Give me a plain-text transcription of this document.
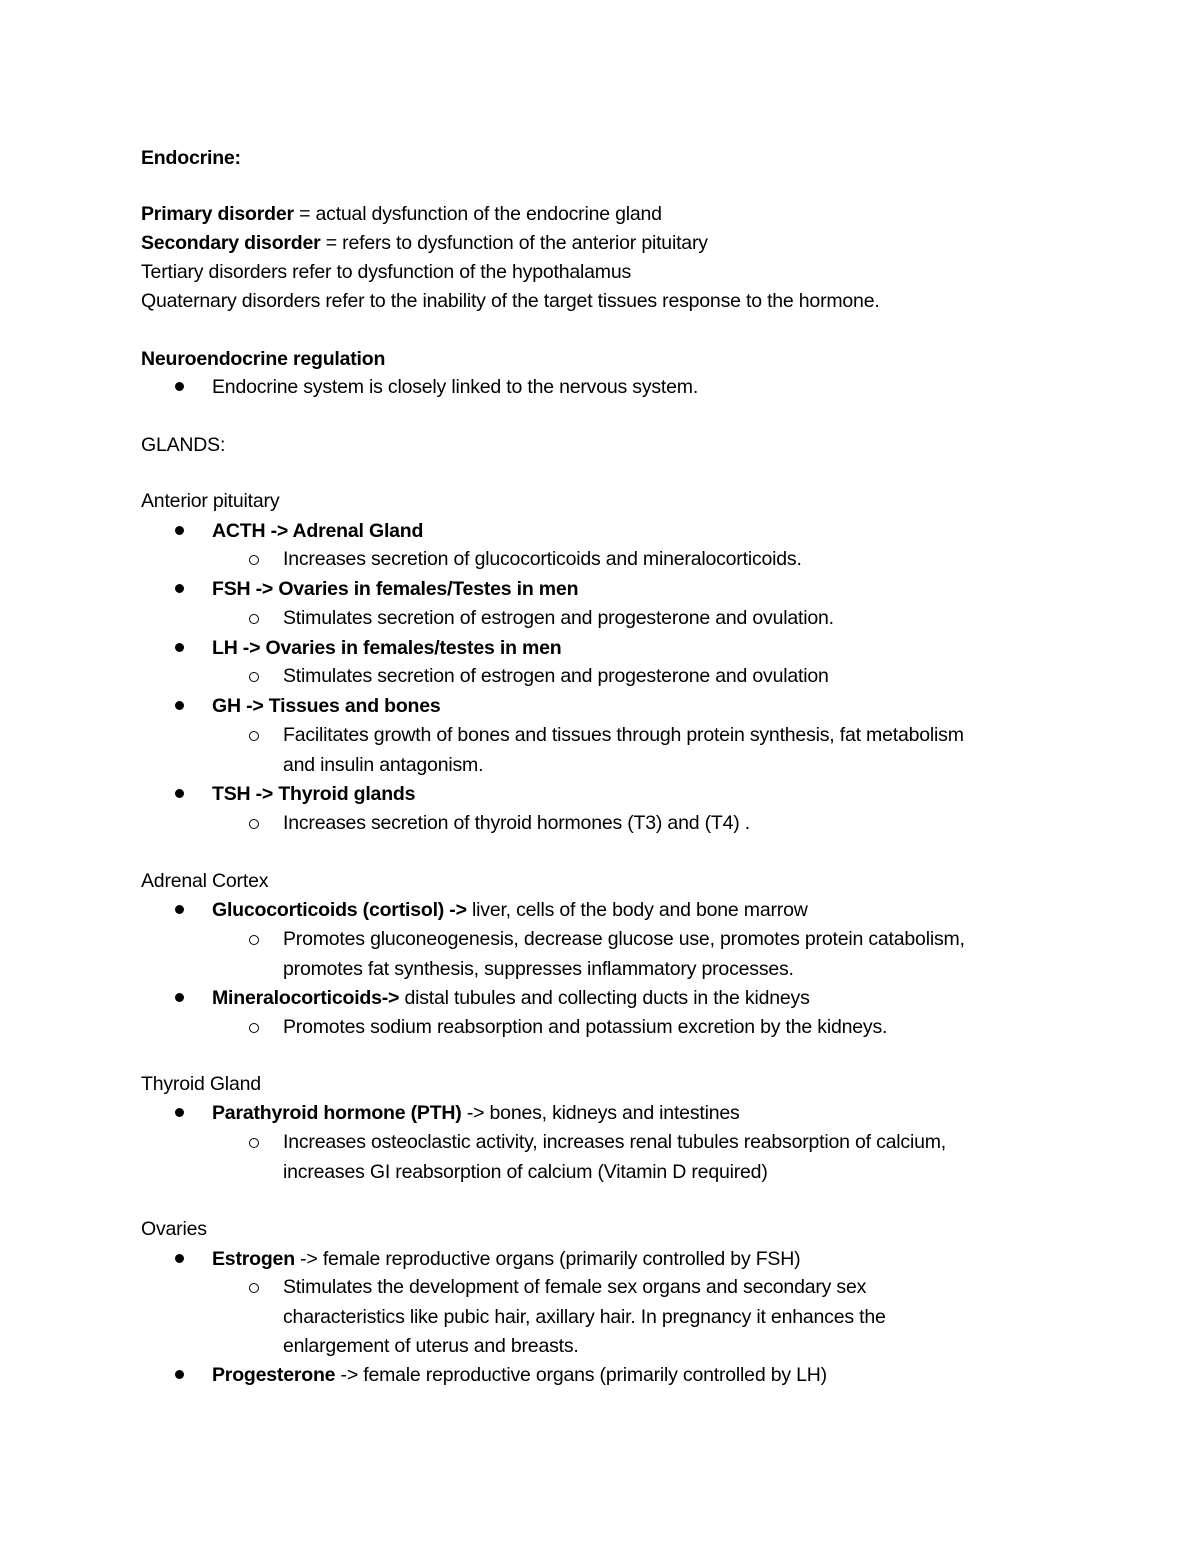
Endocrine:
Primary disorder = actual dysfunction of the endocrine gland
Secondary disorder = refers to dysfunction of the anterior pituitary
Tertiary disorders refer to dysfunction of the hypothalamus
Quaternary disorders refer to the inability of the target tissues response to the hormone.
Neuroendocrine regulation
Endocrine system is closely linked to the nervous system.
GLANDS:
Anterior pituitary
ACTH -> Adrenal Gland
Increases secretion of glucocorticoids and mineralocorticoids.
FSH -> Ovaries in females/Testes in men
Stimulates secretion of estrogen and progesterone and ovulation.
LH -> Ovaries in females/testes in men
Stimulates secretion of estrogen and progesterone and ovulation
GH -> Tissues and bones
Facilitates growth of bones and tissues through protein synthesis, fat metabolism
and insulin antagonism.
TSH -> Thyroid glands
Increases secretion of thyroid hormones (T3) and (T4) .
Adrenal Cortex
Glucocorticoids (cortisol) -> liver, cells of the body and bone marrow
Promotes gluconeogenesis, decrease glucose use, promotes protein catabolism,
promotes fat synthesis, suppresses inflammatory processes.
Mineralocorticoids-> distal tubules and collecting ducts in the kidneys
Promotes sodium reabsorption and potassium excretion by the kidneys.
Thyroid Gland
Parathyroid hormone (PTH) -> bones, kidneys and intestines
Increases osteoclastic activity, increases renal tubules reabsorption of calcium,
increases GI reabsorption of calcium (Vitamin D required)
Ovaries
Estrogen -> female reproductive organs (primarily controlled by FSH)
Stimulates the development of female sex organs and secondary sex
characteristics like pubic hair, axillary hair. In pregnancy it enhances the
enlargement of uterus and breasts.
Progesterone -> female reproductive organs (primarily controlled by LH)
